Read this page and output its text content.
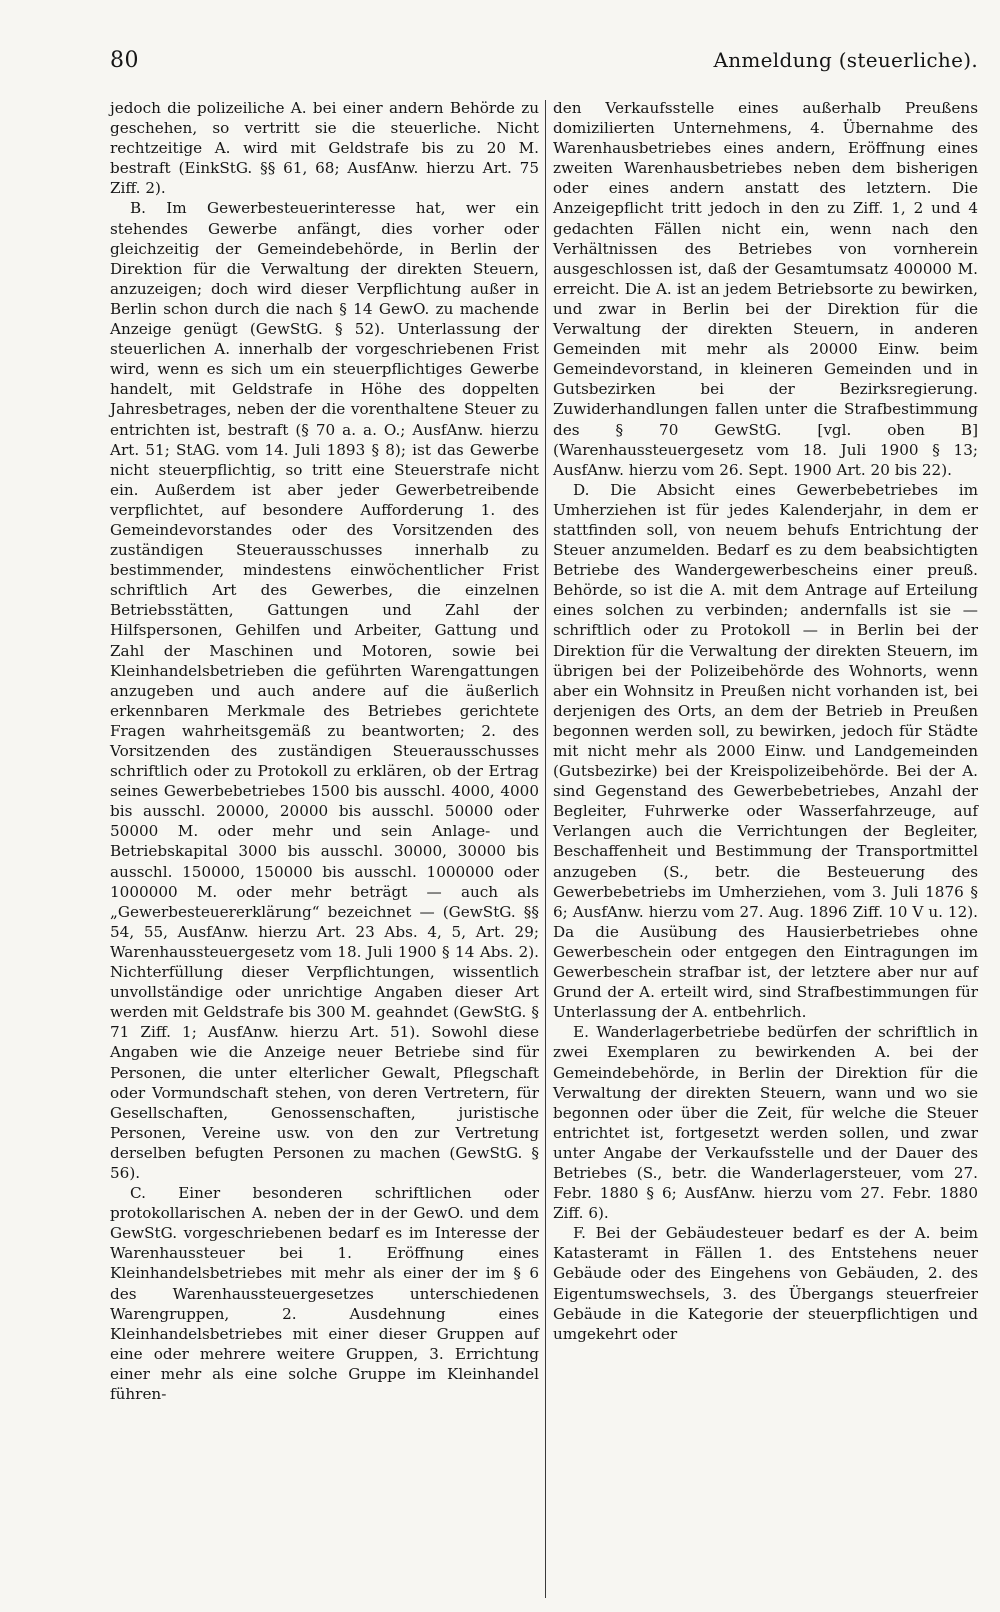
80	Anmeldung (steuerliche).

jedoch die polizeiliche A. bei einer andern Behörde zu geschehen, so vertritt sie die steuerliche. Nicht rechtzeitige A. wird mit Geldstrafe bis zu 20 M. bestraft (EinkStG. §§ 61, 68; AusfAnw. hierzu Art. 75 Ziff. 2).

B. Im Gewerbesteuerinteresse hat, wer ein stehendes Gewerbe anfängt, dies vorher oder gleichzeitig der Gemeindebehörde, in Berlin der Direktion für die Verwaltung der direkten Steuern, anzuzeigen; doch wird dieser Verpflichtung außer in Berlin schon durch die nach § 14 GewO. zu machende Anzeige genügt (GewStG. § 52). Unterlassung der steuerlichen A. innerhalb der vorgeschriebenen Frist wird, wenn es sich um ein steuerpflichtiges Gewerbe handelt, mit Geldstrafe in Höhe des doppelten Jahresbetrages, neben der die vorenthaltene Steuer zu entrichten ist, bestraft (§ 70 a. a. O.; AusfAnw. hierzu Art. 51; StAG. vom 14. Juli 1893 § 8); ist das Gewerbe nicht steuerpflichtig, so tritt eine Steuerstrafe nicht ein. Außerdem ist aber jeder Gewerbetreibende verpflichtet, auf besondere Aufforderung 1. des Gemeindevorstandes oder des Vorsitzenden des zuständigen Steuerausschusses innerhalb zu bestimmender, mindestens einwöchentlicher Frist schriftlich Art des Gewerbes, die einzelnen Betriebsstätten, Gattungen und Zahl der Hilfspersonen, Gehilfen und Arbeiter, Gattung und Zahl der Maschinen und Motoren, sowie bei Kleinhandelsbetrieben die geführten Warengattungen anzugeben und auch andere auf die äußerlich erkennbaren Merkmale des Betriebes gerichtete Fragen wahrheitsgemäß zu beantworten; 2. des Vorsitzenden des zuständigen Steuerausschusses schriftlich oder zu Protokoll zu erklären, ob der Ertrag seines Gewerbebetriebes 1500 bis ausschl. 4000, 4000 bis ausschl. 20000, 20000 bis ausschl. 50000 oder 50000 M. oder mehr und sein Anlage- und Betriebskapital 3000 bis ausschl. 30000, 30000 bis ausschl. 150000, 150000 bis ausschl. 1000000 oder 1000000 M. oder mehr beträgt — auch als „Gewerbesteuererklärung“ bezeichnet — (GewStG. §§ 54, 55, AusfAnw. hierzu Art. 23 Abs. 4, 5, Art. 29; Warenhaussteuergesetz vom 18. Juli 1900 § 14 Abs. 2). Nichterfüllung dieser Verpflichtungen, wissentlich unvollständige oder unrichtige Angaben dieser Art werden mit Geldstrafe bis 300 M. geahndet (GewStG. § 71 Ziff. 1; AusfAnw. hierzu Art. 51). Sowohl diese Angaben wie die Anzeige neuer Betriebe sind für Personen, die unter elterlicher Gewalt, Pflegschaft oder Vormundschaft stehen, von deren Vertretern, für Gesellschaften, Genossenschaften, juristische Personen, Vereine usw. von den zur Vertretung derselben befugten Personen zu machen (GewStG. § 56).

C. Einer besonderen schriftlichen oder protokollarischen A. neben der in der GewO. und dem GewStG. vorgeschriebenen bedarf es im Interesse der Warenhaussteuer bei 1. Eröffnung eines Kleinhandelsbetriebes mit mehr als einer der im § 6 des Warenhaussteuergesetzes unterschiedenen Warengruppen, 2. Ausdehnung eines Kleinhandelsbetriebes mit einer dieser Gruppen auf eine oder mehrere weitere Gruppen, 3. Errichtung einer mehr als eine solche Gruppe im Kleinhandel führen-

den Verkaufsstelle eines außerhalb Preußens domizilierten Unternehmens, 4. Übernahme des Warenhausbetriebes eines andern, Eröffnung eines zweiten Warenhausbetriebes neben dem bisherigen oder eines andern anstatt des letztern. Die Anzeigepflicht tritt jedoch in den zu Ziff. 1, 2 und 4 gedachten Fällen nicht ein, wenn nach den Verhältnissen des Betriebes von vornherein ausgeschlossen ist, daß der Gesamtumsatz 400000 M. erreicht. Die A. ist an jedem Betriebsorte zu bewirken, und zwar in Berlin bei der Direktion für die Verwaltung der direkten Steuern, in anderen Gemeinden mit mehr als 20000 Einw. beim Gemeindevorstand, in kleineren Gemeinden und in Gutsbezirken bei der Bezirksregierung. Zuwiderhandlungen fallen unter die Strafbestimmung des § 70 GewStG. [vgl. oben B] (Warenhaussteuergesetz vom 18. Juli 1900 § 13; AusfAnw. hierzu vom 26. Sept. 1900 Art. 20 bis 22).

D. Die Absicht eines Gewerbebetriebes im Umherziehen ist für jedes Kalenderjahr, in dem er stattfinden soll, von neuem behufs Entrichtung der Steuer anzumelden. Bedarf es zu dem beabsichtigten Betriebe des Wandergewerbescheins einer preuß. Behörde, so ist die A. mit dem Antrage auf Erteilung eines solchen zu verbinden; andernfalls ist sie — schriftlich oder zu Protokoll — in Berlin bei der Direktion für die Verwaltung der direkten Steuern, im übrigen bei der Polizeibehörde des Wohnorts, wenn aber ein Wohnsitz in Preußen nicht vorhanden ist, bei derjenigen des Orts, an dem der Betrieb in Preußen begonnen werden soll, zu bewirken, jedoch für Städte mit nicht mehr als 2000 Einw. und Landgemeinden (Gutsbezirke) bei der Kreispolizeibehörde. Bei der A. sind Gegenstand des Gewerbebetriebes, Anzahl der Begleiter, Fuhrwerke oder Wasserfahrzeuge, auf Verlangen auch die Verrichtungen der Begleiter, Beschaffenheit und Bestimmung der Transportmittel anzugeben (S., betr. die Besteuerung des Gewerbebetriebs im Umherziehen, vom 3. Juli 1876 § 6; AusfAnw. hierzu vom 27. Aug. 1896 Ziff. 10 V u. 12). Da die Ausübung des Hausierbetriebes ohne Gewerbeschein oder entgegen den Eintragungen im Gewerbeschein strafbar ist, der letztere aber nur auf Grund der A. erteilt wird, sind Strafbestimmungen für Unterlassung der A. entbehrlich.

E. Wanderlagerbetriebe bedürfen der schriftlich in zwei Exemplaren zu bewirkenden A. bei der Gemeindebehörde, in Berlin der Direktion für die Verwaltung der direkten Steuern, wann und wo sie begonnen oder über die Zeit, für welche die Steuer entrichtet ist, fortgesetzt werden sollen, und zwar unter Angabe der Verkaufsstelle und der Dauer des Betriebes (S., betr. die Wanderlagersteuer, vom 27. Febr. 1880 § 6; AusfAnw. hierzu vom 27. Febr. 1880 Ziff. 6).

F. Bei der Gebäudesteuer bedarf es der A. beim Katasteramt in Fällen 1. des Entstehens neuer Gebäude oder des Eingehens von Gebäuden, 2. des Eigentumswechsels, 3. des Übergangs steuerfreier Gebäude in die Kategorie der steuerpflichtigen und umgekehrt oder
